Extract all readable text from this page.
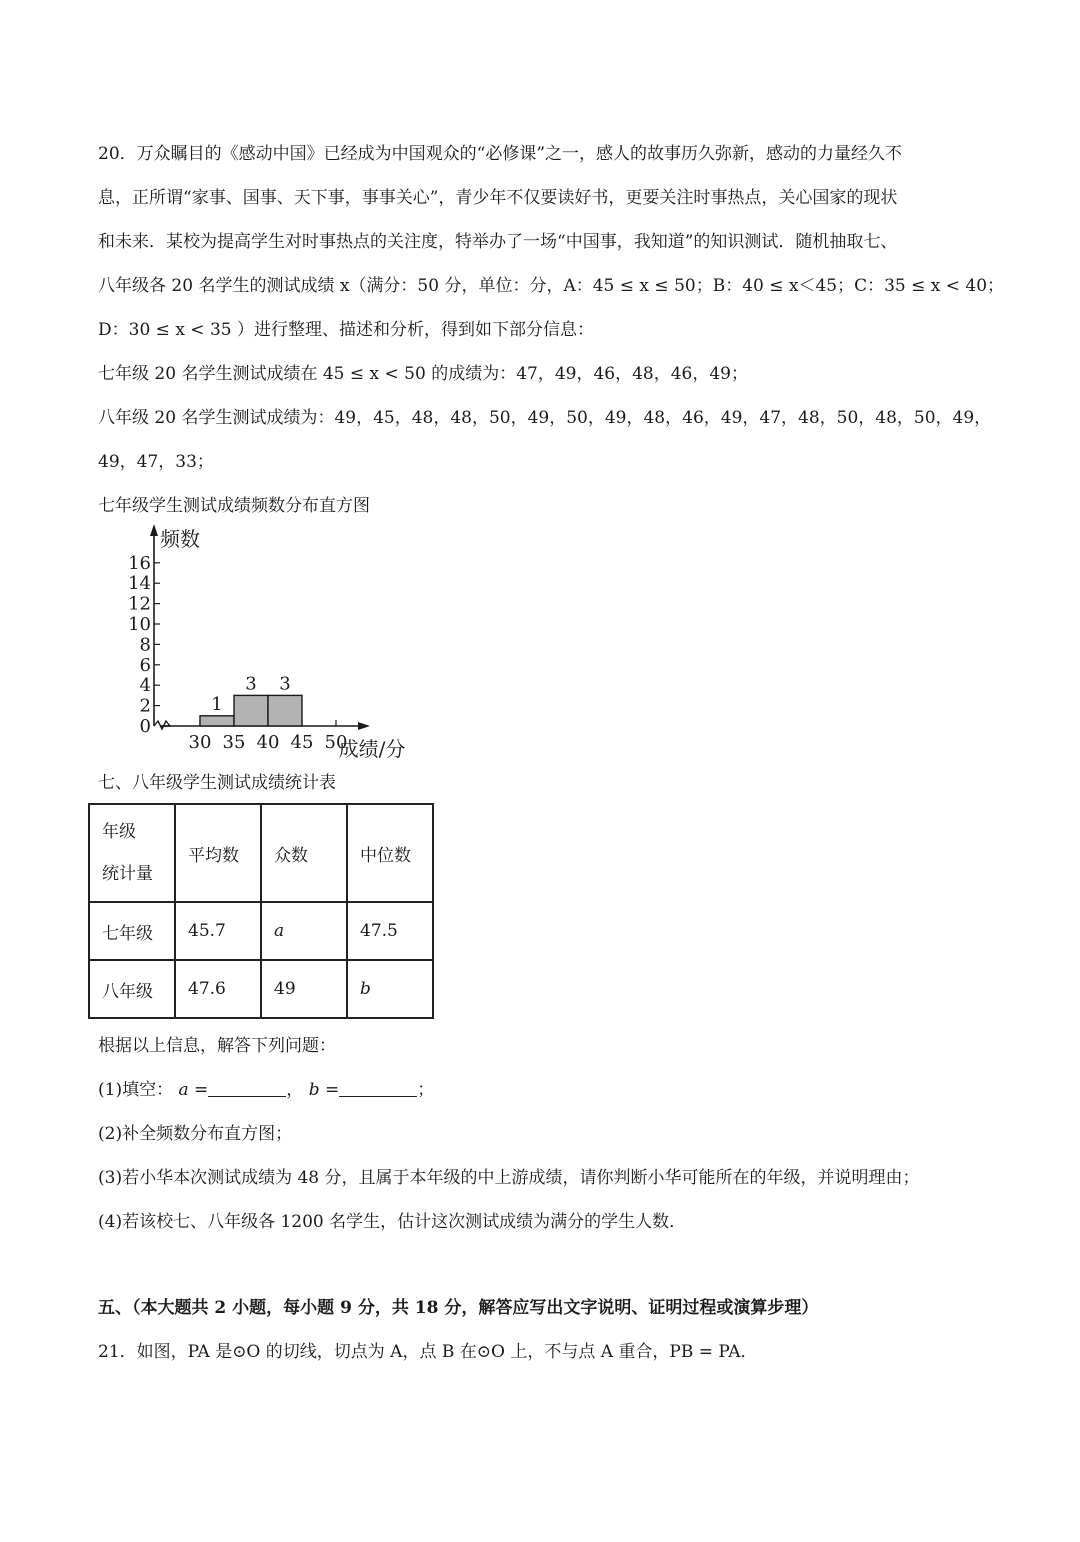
20．万众瞩目的《感动中国》已经成为中国观众的“必修课”之一，感人的故事历久弥新，感动的力量经久不
息，正所谓“家事、国事、天下事，事事关心”，青少年不仅要读好书，更要关注时事热点，关心国家的现状
和未来．某校为提高学生对时事热点的关注度，特举办了一场“中国事，我知道”的知识测试．随机抽取七、
八年级各 20 名学生的测试成绩 x（满分：50 分，单位：分，A：45 ≤ x ≤ 50；B：40 ≤ x＜45；C：35 ≤ x < 40；
D：30 ≤ x < 35 ）进行整理、描述和分析，得到如下部分信息：
七年级 20 名学生测试成绩在 45 ≤ x < 50 的成绩为：47，49，46，48，46，49；
八年级 20 名学生测试成绩为：49，45，48，48，50，49，50，49，48，46，49，47，48，50，48，50，49，
49，47，33；
七年级学生测试成绩频数分布直方图
0
2
4
6
8
10
12
14
16
30 35 40 45 50
1
3 3
频数
成绩/分
七、八年级学生测试成绩统计表
年级
统计量	平均数	众数	中位数
七年级	45.7	a	47.5
八年级	47.6	49	b
根据以上信息，解答下列问题：
(1)填空： a =	， b =	；
(2)补全频数分布直方图；
(3)若小华本次测试成绩为 48 分，且属于本年级的中上游成绩，请你判断小华可能所在的年级，并说明理由；
(4)若该校七、八年级各 1200 名学生，估计这次测试成绩为满分的学生人数．
五、（本大题共 2 小题，每小题 9 分，共 18 分，解答应写出文字说明、证明过程或演算步理）
21．如图，PA 是⊙O 的切线，切点为 A，点 B 在⊙O 上，不与点 A 重合，PB = PA．
